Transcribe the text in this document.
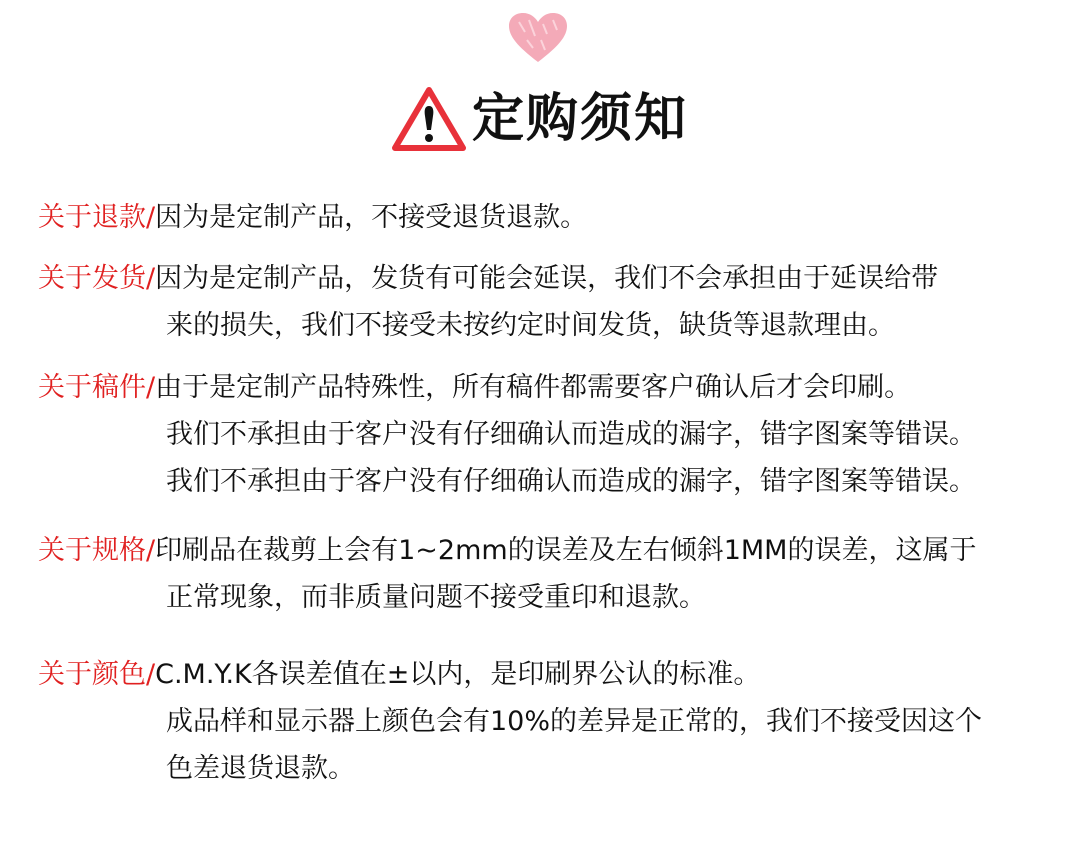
定购须知
关于退款/因为是定制产品，不接受退货退款。
关于发货/因为是定制产品，发货有可能会延误，我们不会承担由于延误给带
来的损失，我们不接受未按约定时间发货，缺货等退款理由。
关于稿件/由于是定制产品特殊性，所有稿件都需要客户确认后才会印刷。
我们不承担由于客户没有仔细确认而造成的漏字，错字图案等错误。
我们不承担由于客户没有仔细确认而造成的漏字，错字图案等错误。
关于规格/印刷品在裁剪上会有1~2mm的误差及左右倾斜1MM的误差，这属于
正常现象，而非质量问题不接受重印和退款。
关于颜色/C.M.Y.K各误差值在±以内，是印刷界公认的标准。
成品样和显示器上颜色会有10%的差异是正常的，我们不接受因这个
色差退货退款。
